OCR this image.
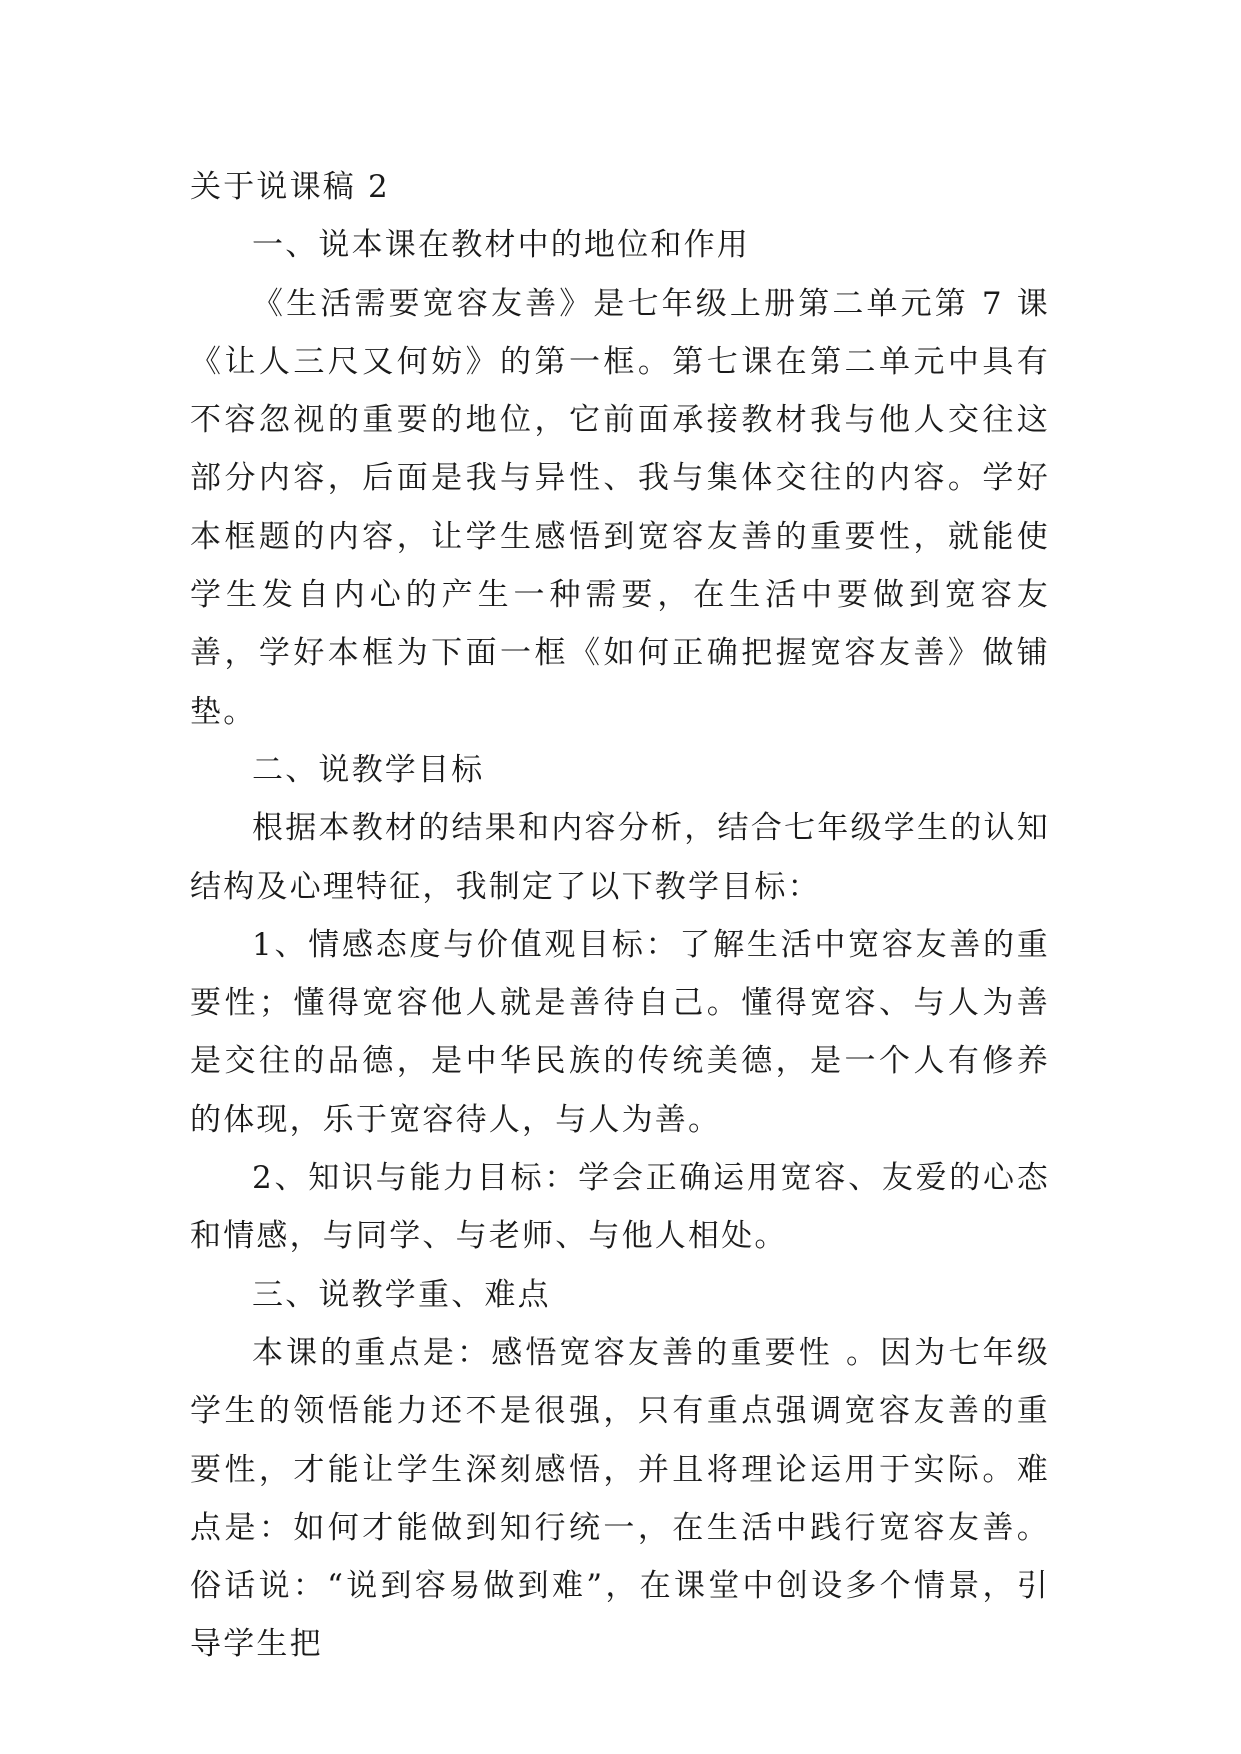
关于说课稿 2

一、说本课在教材中的地位和作用

《生活需要宽容友善》是七年级上册第二单元第 7 课《让人三尺又何妨》的第一框。第七课在第二单元中具有不容忽视的重要的地位，它前面承接教材我与他人交往这部分内容，后面是我与异性、我与集体交往的内容。学好本框题的内容，让学生感悟到宽容友善的重要性，就能使学生发自内心的产生一种需要，在生活中要做到宽容友善，学好本框为下面一框《如何正确把握宽容友善》做铺垫。

二、说教学目标

根据本教材的结果和内容分析，结合七年级学生的认知结构及心理特征，我制定了以下教学目标：

1、情感态度与价值观目标：了解生活中宽容友善的重要性；懂得宽容他人就是善待自己。懂得宽容、与人为善是交往的品德，是中华民族的传统美德，是一个人有修养的体现，乐于宽容待人，与人为善。

2、知识与能力目标：学会正确运用宽容、友爱的心态和情感，与同学、与老师、与他人相处。

三、说教学重、难点

本课的重点是：感悟宽容友善的重要性 。因为七年级学生的领悟能力还不是很强，只有重点强调宽容友善的重要性，才能让学生深刻感悟，并且将理论运用于实际。难点是：如何才能做到知行统一，在生活中践行宽容友善。俗话说：“说到容易做到难”，在课堂中创设多个情景，引导学生把
